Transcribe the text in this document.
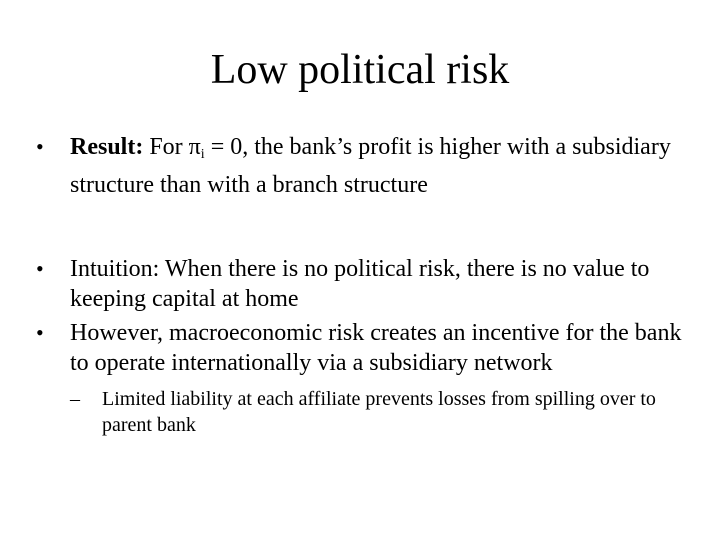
Low political risk
•	Result: For $\pi_i = 0$, the bank’s profit is higher with a subsidiary structure than with a branch structure
•	Intuition: When there is no political risk, there is no value to keeping capital at home
•	However, macroeconomic risk creates an incentive for the bank to operate internationally via a subsidiary network
–	Limited liability at each affiliate prevents losses from spilling over to parent bank
